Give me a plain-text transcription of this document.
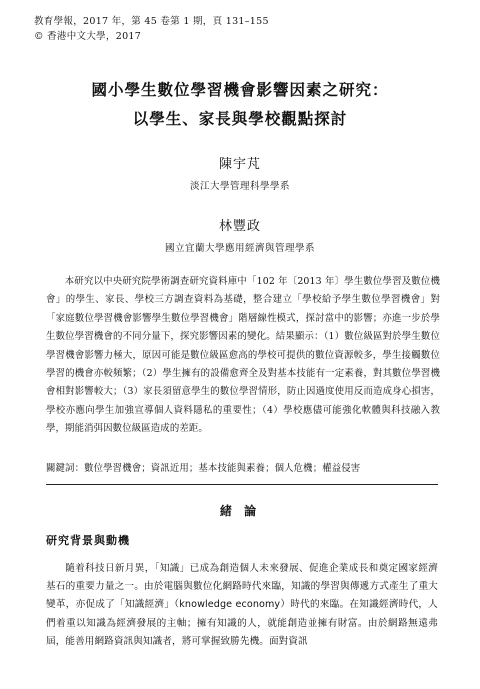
教育學報，2017 年，第 45 卷第 1 期，頁 131–155
© 香港中文大學，2017
國小學生數位學習機會影響因素之研究：
以學生、家長與學校觀點探討
陳宇芃
淡江大學管理科學學系
林豐政
國立宜蘭大學應用經濟與管理學系
本研究以中央研究院學術調查研究資料庫中「102 年〔2013 年〕學生數位學習及數位機會」的學生、家長、學校三方調查資料為基礎，整合建立「學校給予學生數位學習機會」對「家庭數位學習機會影響學生數位學習機會」階層線性模式，探討當中的影響；亦進一步於學生數位學習機會的不同分量下，探究影響因素的變化。結果顯示：（1）數位級區對於學生數位學習機會影響力極大，原因可能是數位級區愈高的學校可提供的數位資源較多，學生接觸數位學習的機會亦較頻繁；（2）學生擁有的設備愈齊全及對基本技能有一定素養，對其數位學習機會相對影響較大；（3）家長須留意學生的數位學習情形，防止因過度使用反而造成身心損害，學校亦應向學生加強宣導個人資料隱私的重要性；（4）學校應儘可能強化軟體與科技融入教學，期能消弭因數位級區造成的差距。
關鍵詞：數位學習機會；資訊近用；基本技能與素養；個人危機；權益侵害
緒 論
研究背景與動機
隨着科技日新月異，「知識」已成為創造個人未來發展、促進企業成長和奠定國家經濟基石的重要力量之一。由於電腦與數位化網路時代來臨，知識的學習與傳遞方式產生了重大變革，亦促成了「知識經濟」（knowledge economy）時代的來臨。在知識經濟時代，人們着重以知識為經濟發展的主軸；擁有知識的人，就能創造並擁有財富。由於網路無遠弗屆，能善用網路資訊與知識者，將可掌握致勝先機。面對資訊
